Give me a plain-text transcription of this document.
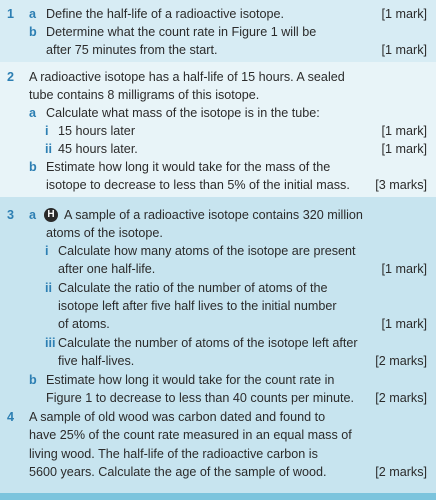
1 a Define the half-life of a radioactive isotope.	[1 mark]
b Determine what the count rate in Figure 1 will be
after 75 minutes from the start.	[1 mark]
2 A radioactive isotope has a half-life of 15 hours. A sealed
tube contains 8 milligrams of this isotope.
a Calculate what mass of the isotope is in the tube:
i 15 hours later	[1 mark]
ii 45 hours later.	[1 mark]
b Estimate how long it would take for the mass of the
isotope to decrease to less than 5% of the initial mass. [3 marks]
3 a	H A sample of a radioactive isotope contains 320 million
atoms of the isotope.
i Calculate how many atoms of the isotope are present
after one half-life.	[1 mark]
ii Calculate the ratio of the number of atoms of the
isotope left after five half lives to the initial number
of atoms.	[1 mark]
iii Calculate the number of atoms of the isotope left after
five half-lives.	[2 marks]
b Estimate how long it would take for the count rate in
Figure 1 to decrease to less than 40 counts per minute. [2 marks]
4 A sample of old wood was carbon dated and found to
have 25% of the count rate measured in an equal mass of
living wood. The half-life of the radioactive carbon is
5600 years. Calculate the age of the sample of wood.	[2 marks]
